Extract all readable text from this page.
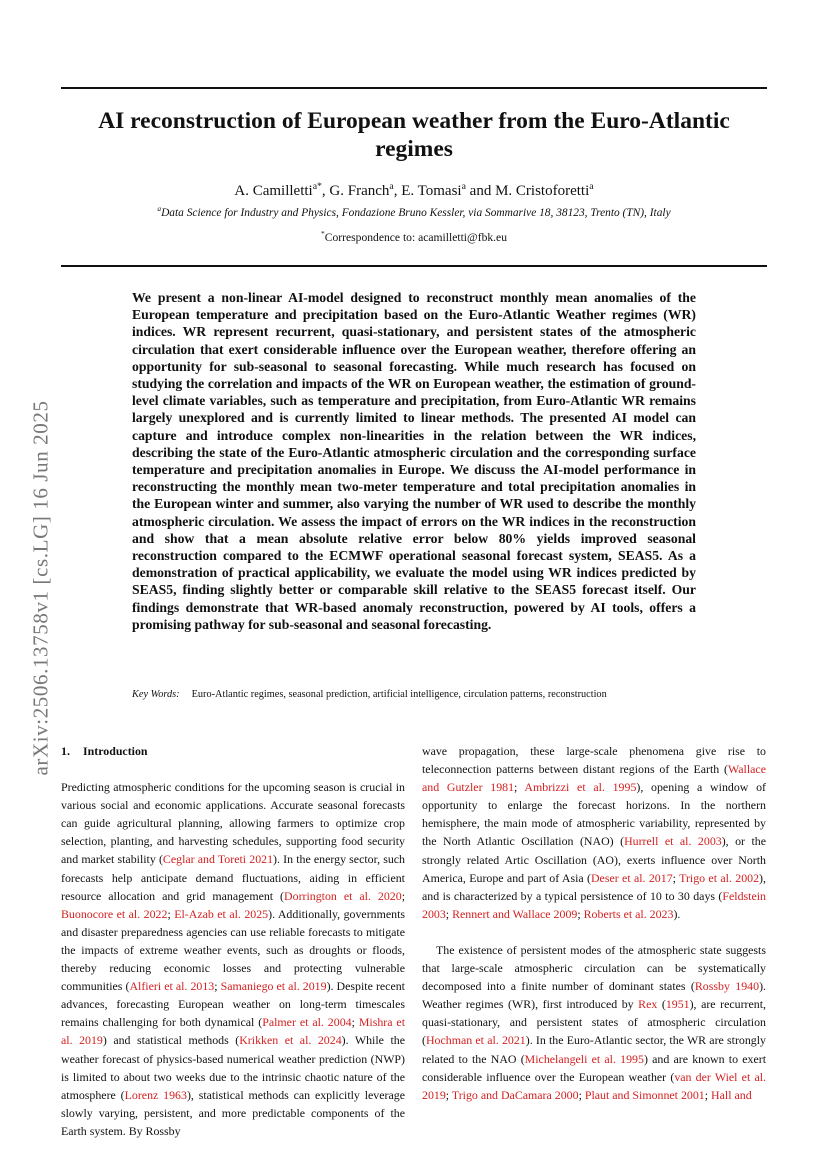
AI reconstruction of European weather from the Euro-Atlantic regimes
A. Camilletti$^{a*}$, G. Franch$^a$, E. Tomasi$^a$ and M. Cristoforetti$^a$
$^a$Data Science for Industry and Physics, Fondazione Bruno Kessler, via Sommarive 18, 38123, Trento (TN), Italy
*Correspondence to: acamilletti@fbk.eu

We present a non-linear AI-model designed to reconstruct monthly mean anomalies of the European temperature and precipitation based on the Euro-Atlantic Weather regimes (WR) indices. WR represent recurrent, quasi-stationary, and persistent states of the atmospheric circulation that exert considerable influence over the European weather, therefore offering an opportunity for sub-seasonal to seasonal forecasting. While much research has focused on studying the correlation and impacts of the WR on European weather, the estimation of ground-level climate variables, such as temperature and precipitation, from Euro-Atlantic WR remains largely unexplored and is currently limited to linear methods. The presented AI model can capture and introduce complex non-linearities in the relation between the WR indices, describing the state of the Euro-Atlantic atmospheric circulation and the corresponding surface temperature and precipitation anomalies in Europe. We discuss the AI-model performance in reconstructing the monthly mean two-meter temperature and total precipitation anomalies in the European winter and summer, also varying the number of WR used to describe the monthly atmospheric circulation. We assess the impact of errors on the WR indices in the reconstruction and show that a mean absolute relative error below 80% yields improved seasonal reconstruction compared to the ECMWF operational seasonal forecast system, SEAS5. As a demonstration of practical applicability, we evaluate the model using WR indices predicted by SEAS5, finding slightly better or comparable skill relative to the SEAS5 forecast itself. Our findings demonstrate that WR-based anomaly reconstruction, powered by AI tools, offers a promising pathway for sub-seasonal and seasonal forecasting.

Key Words: Euro-Atlantic regimes, seasonal prediction, artificial intelligence, circulation patterns, reconstruction
arXiv:2506.13758v1 [cs.LG] 16 Jun 2025 1. Introduction

Predicting atmospheric conditions for the upcoming season is crucial in various social and economic applications. Accurate seasonal forecasts can guide agricultural planning, allowing farmers to optimize crop selection, planting, and harvesting schedules, supporting food security and market stability (Ceglar and Toreti 2021). In the energy sector, such forecasts help anticipate demand fluctuations, aiding in efficient resource allocation and grid management (Dorrington et al. 2020; Buonocore et al. 2022; El-Azab et al. 2025). Additionally, governments and disaster preparedness agencies can use reliable forecasts to mitigate the impacts of extreme weather events, such as droughts or floods, thereby reducing economic losses and protecting vulnerable communities (Alfieri et al. 2013; Samaniego et al. 2019). Despite recent advances, forecasting European weather on long-term timescales remains challenging for both dynamical (Palmer et al. 2004; Mishra et al. 2019) and statistical methods (Krikken et al. 2024). While the weather forecast of physics-based numerical weather prediction (NWP) is limited to about two weeks due to the intrinsic chaotic nature of the atmosphere (Lorenz 1963), statistical methods can explicitly leverage slowly varying, persistent, and more predictable components of the Earth system. By Rossby

wave propagation, these large-scale phenomena give rise to teleconnection patterns between distant regions of the Earth (Wallace and Gutzler 1981; Ambrizzi et al. 1995), opening a window of opportunity to enlarge the forecast horizons. In the northern hemisphere, the main mode of atmospheric variability, represented by the North Atlantic Oscillation (NAO) (Hurrell et al. 2003), or the strongly related Artic Oscillation (AO), exerts influence over North America, Europe and part of Asia (Deser et al. 2017; Trigo et al. 2002), and is characterized by a typical persistence of 10 to 30 days (Feldstein 2003; Rennert and Wallace 2009; Roberts et al. 2023).

The existence of persistent modes of the atmospheric state suggests that large-scale atmospheric circulation can be systematically decomposed into a finite number of dominant states (Rossby 1940). Weather regimes (WR), first introduced by Rex (1951), are recurrent, quasi-stationary, and persistent states of atmospheric circulation (Hochman et al. 2021). In the Euro-Atlantic sector, the WR are strongly related to the NAO (Michelangeli et al. 1995) and are known to exert considerable influence over the European weather (van der Wiel et al. 2019; Trigo and DaCamara 2000; Plaut and Simonnet 2001; Hall and
